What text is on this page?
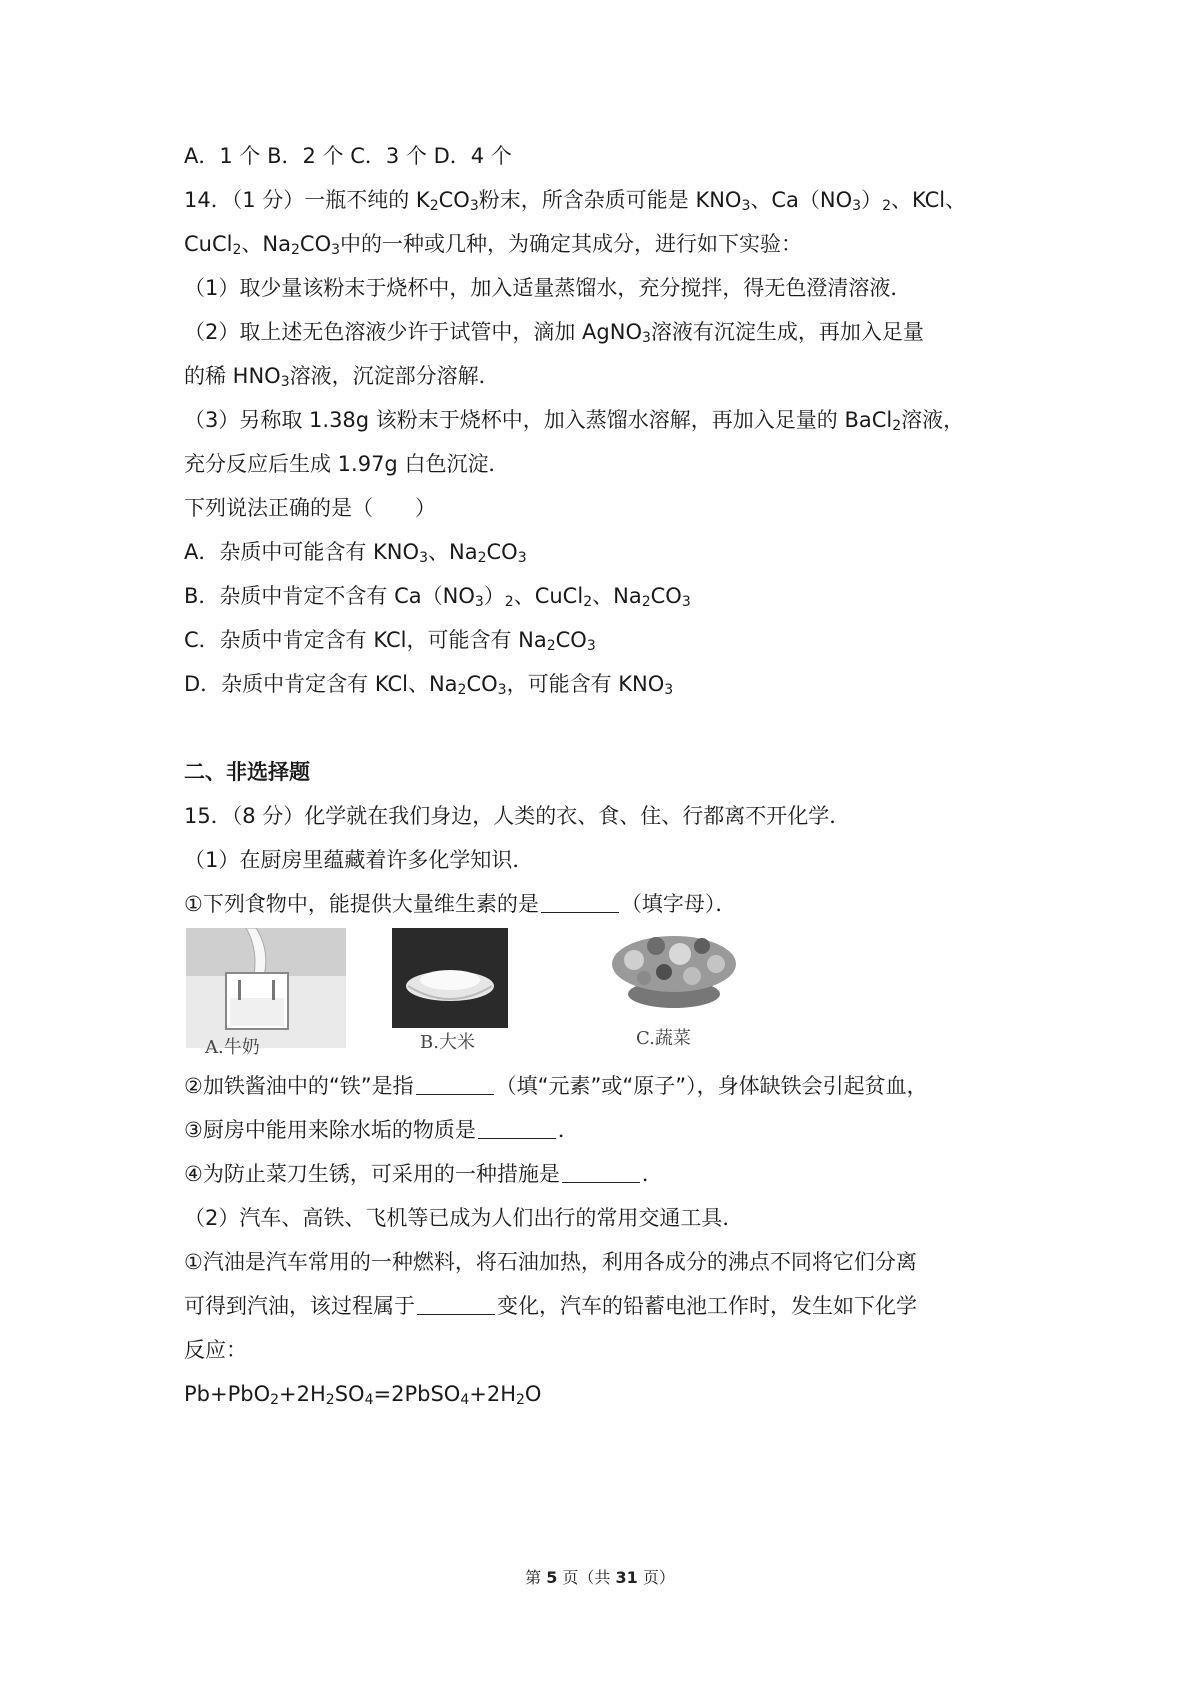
A．1 个 B．2 个 C．3 个 D．4 个
14．（1 分）一瓶不纯的 $K_2CO_3$粉末，所含杂质可能是 $KNO_3$、$Ca(NO_3)_2$、KCl、
CuCl$_2$、$Na_2CO_3$中的一种或几种，为确定其成分，进行如下实验：
（1）取少量该粉末于烧杯中，加入适量蒸馏水，充分搅拌，得无色澄清溶液．
（2）取上述无色溶液少许于试管中，滴加 AgNO$_3$溶液有沉淀生成，再加入足量
的稀 $HNO_3$溶液，沉淀部分溶解．
（3）另称取 1.38g 该粉末于烧杯中，加入蒸馏水溶解，再加入足量的 BaCl$_2$溶液，
充分反应后生成 1.97g 白色沉淀．
下列说法正确的是（　　）
A．杂质中可能含有 $KNO_3$、$Na_2CO_3$
B．杂质中肯定不含有 $Ca(NO_3)_2$、CuCl$_2$、$Na_2CO_3$
C．杂质中肯定含有 KCl，可能含有 $Na_2CO_3$
D．杂质中肯定含有 KCl、$Na_2CO_3$，可能含有 $KNO_3$
二、非选择题
15．（8 分）化学就在我们身边，人类的衣、食、住、行都离不开化学．
（1）在厨房里蕴藏着许多化学知识．
①下列食物中，能提供大量维生素的是	（填字母）．
A.牛奶	B.大米	C.蔬菜
②加铁酱油中的“铁”是指	（填“元素”或“原子”），身体缺铁会引起贫血，
③厨房中能用来除水垢的物质是	．
④为防止菜刀生锈，可采用的一种措施是	．
（2）汽车、高铁、飞机等已成为人们出行的常用交通工具．
①汽油是汽车常用的一种燃料，将石油加热，利用各成分的沸点不同将它们分离
可得到汽油，该过程属于	变化，汽车的铅蓄电池工作时，发生如下化学
反应：
$Pb+PbO_2+2H_2SO_4=2PbSO_4+2H_2O$
第 5 页（共 31 页）
